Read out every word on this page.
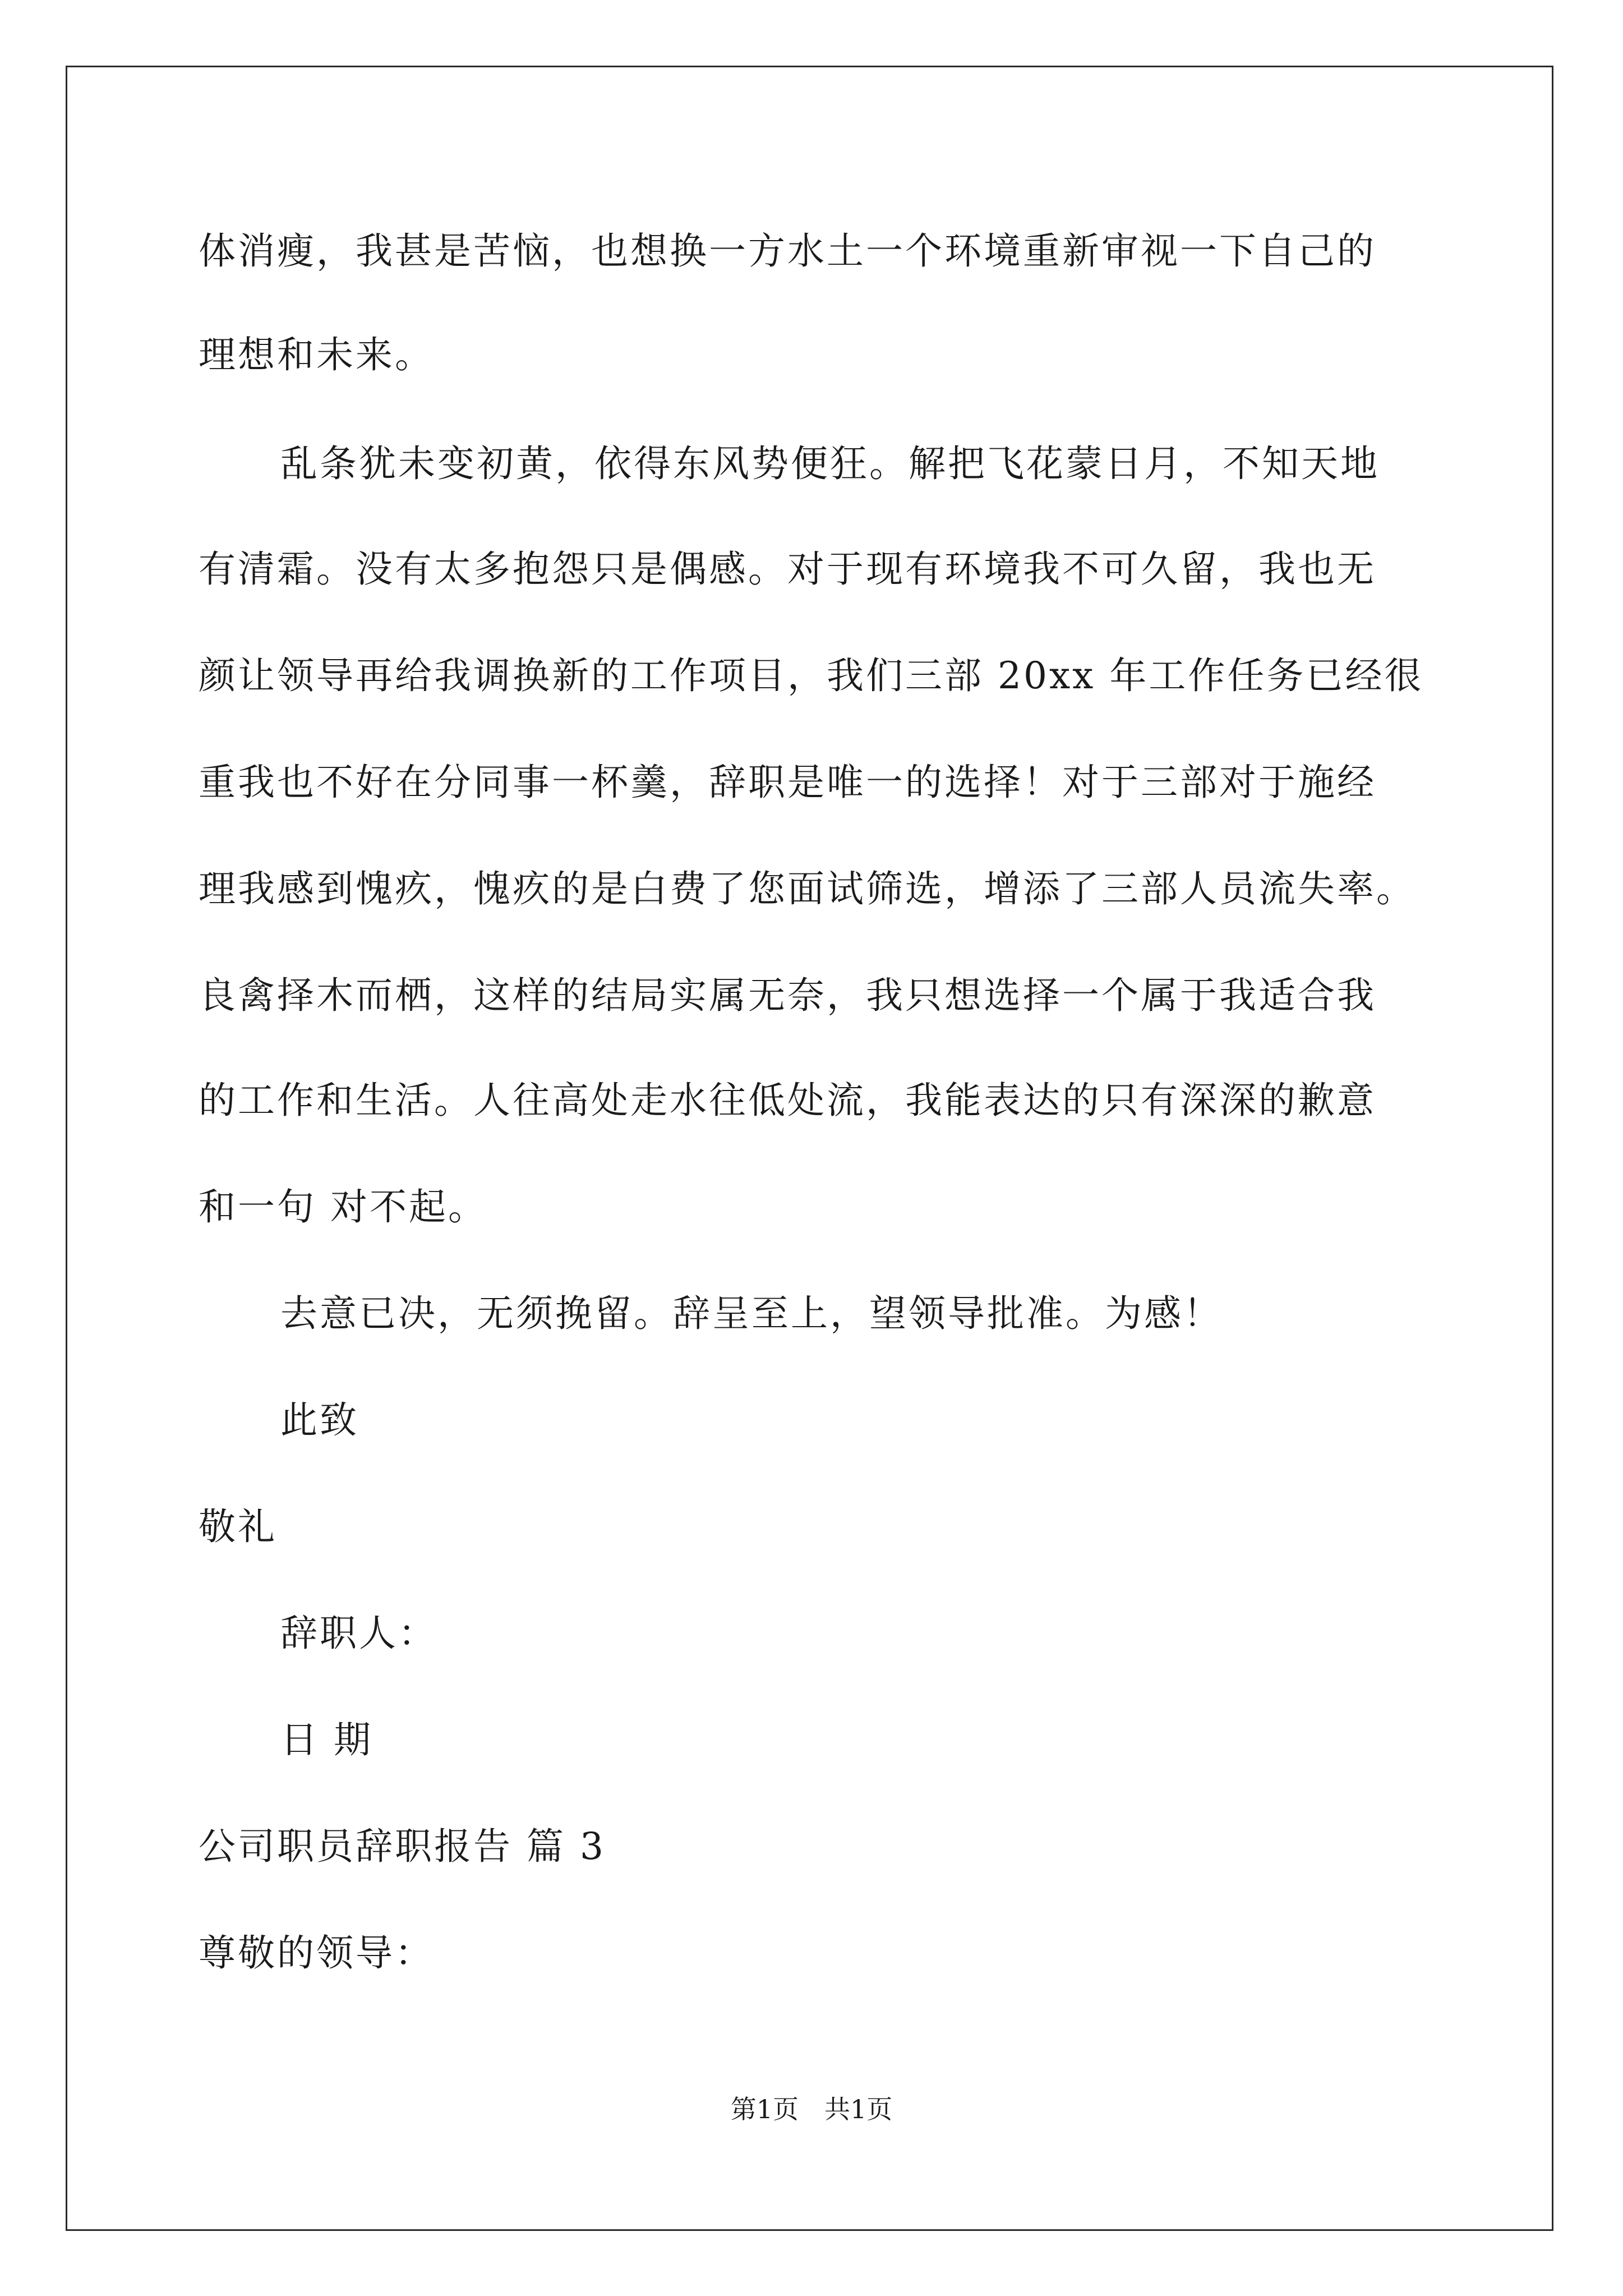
体消瘦，我甚是苦恼，也想换一方水土一个环境重新审视一下自己的
理想和未来。
乱条犹未变初黄，依得东风势便狂。解把飞花蒙日月，不知天地
有清霜。没有太多抱怨只是偶感。对于现有环境我不可久留，我也无
颜让领导再给我调换新的工作项目，我们三部 20xx 年工作任务已经很
重我也不好在分同事一杯羹，辞职是唯一的选择！对于三部对于施经
理我感到愧疚，愧疚的是白费了您面试筛选，增添了三部人员流失率。
良禽择木而栖，这样的结局实属无奈，我只想选择一个属于我适合我
的工作和生活。人往高处走水往低处流，我能表达的只有深深的歉意
和一句 对不起。
去意已决，无须挽留。辞呈至上，望领导批准。为感！
此致
敬礼
辞职人：
日 期
公司职员辞职报告 篇 3
尊敬的领导：
第1页 共1页
